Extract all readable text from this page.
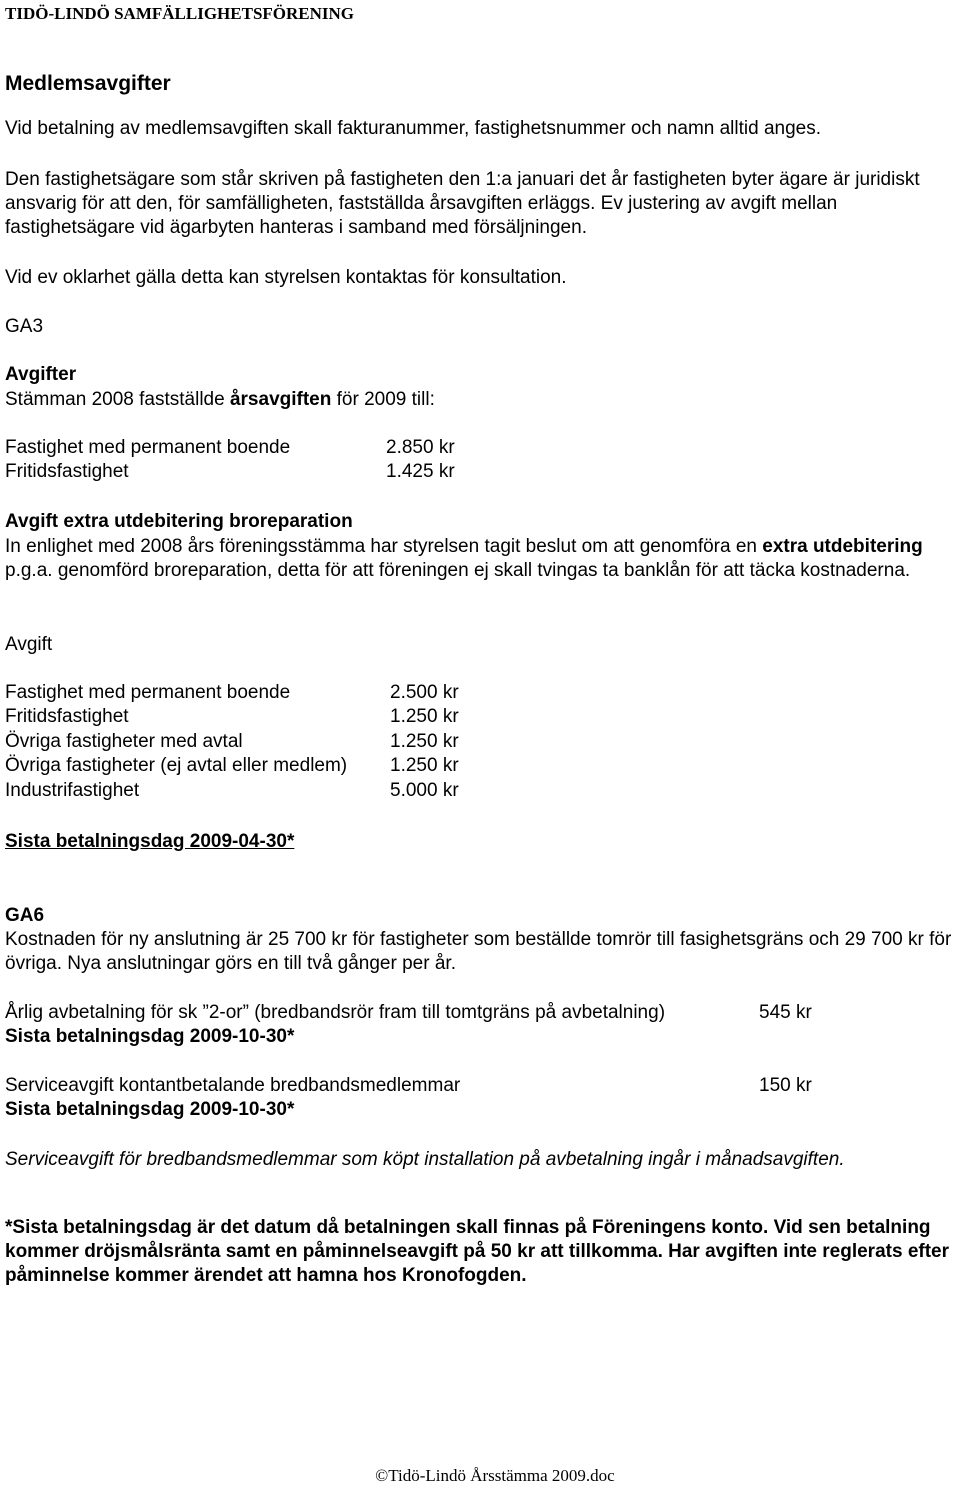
TIDÖ-LINDÖ SAMFÄLLIGHETSFÖRENING
Medlemsavgifter

Vid betalning av medlemsavgiften skall fakturanummer, fastighetsnummer och namn alltid anges.

Den fastighetsägare som står skriven på fastigheten den 1:a januari det år fastigheten byter ägare är juridiskt ansvarig för att den, för samfälligheten, fastställda årsavgiften erläggs. Ev justering av avgift mellan fastighetsägare vid ägarbyten hanteras i samband med försäljningen.

Vid ev oklarhet gälla detta kan styrelsen kontaktas för konsultation.

GA3
Avgifter
Stämman 2008 fastställde årsavgiften för 2009 till:
Fastighet med permanent boende	2.850 kr
Fritidsfastighet	1.425 kr
Avgift extra utdebitering broreparation

In enlighet med 2008 års föreningsstämma har styrelsen tagit beslut om att genomföra en extra utdebitering p.g.a. genomförd broreparation, detta för att föreningen ej skall tvingas ta banklån för att täcka kostnaderna.

Avgift
Fastighet med permanent boende	2.500 kr
Fritidsfastighet	1.250 kr
Övriga fastigheter med avtal	1.250 kr
Övriga fastigheter (ej avtal eller medlem) 1.250 kr
Industrifastighet	5.000 kr
Sista betalningsdag 2009-04-30*
GA6

Kostnaden för ny anslutning är 25 700 kr för fastigheter som beställde tomrör till fasighetsgräns och 29 700 kr för övriga. Nya anslutningar görs en till två gånger per år.

Årlig avbetalning för sk ”2-or” (bredbandsrör fram till tomtgräns på avbetalning)	545 kr
Sista betalningsdag 2009-10-30*
Serviceavgift kontantbetalande bredbandsmedlemmar	150 kr
Sista betalningsdag 2009-10-30*
Serviceavgift för bredbandsmedlemmar som köpt installation på avbetalning ingår i månadsavgiften.

*Sista betalningsdag är det datum då betalningen skall finnas på Föreningens konto. Vid sen betalning kommer dröjsmålsränta samt en påminnelseavgift på 50 kr att tillkomma. Har avgiften inte reglerats efter påminnelse kommer ärendet att hamna hos Kronofogden.

©Tidö-Lindö Årsstämma 2009.doc
